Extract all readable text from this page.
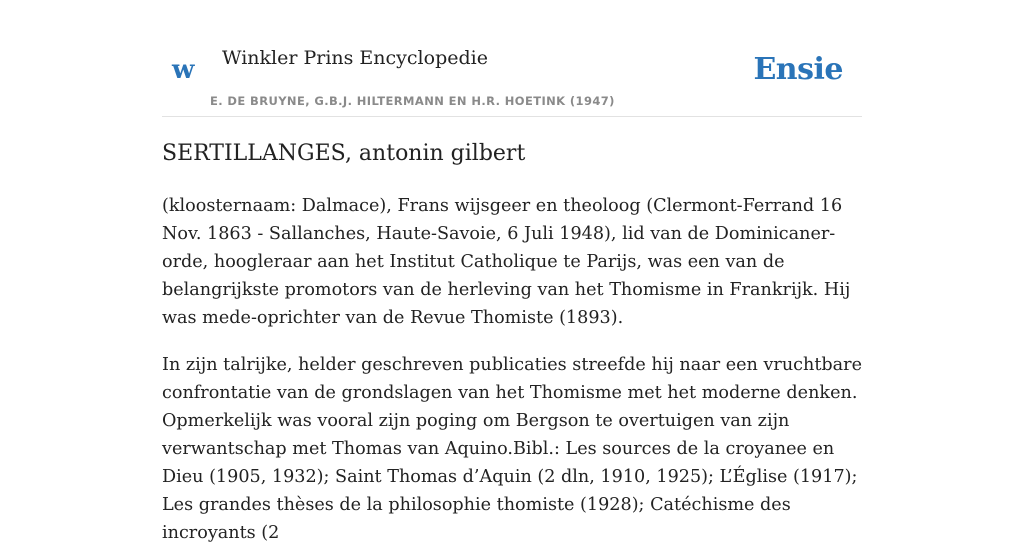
w Winkler Prins Encyclopedie
E. DE BRUYNE, G.B.J. HILTERMANN EN H.R. HOETINK (1947)
Ensie
SERTILLANGES, antonin gilbert

(kloosternaam: Dalmace), Frans wijsgeer en theoloog (Clermont-Ferrand 16 Nov. 1863 - Sallanches, Haute-Savoie, 6 Juli 1948), lid van de Dominicaner-orde, hoogleraar aan het Institut Catholique te Parijs, was een van de belangrijkste promotors van de herleving van het Thomisme in Frankrijk. Hij was mede-oprichter van de Revue Thomiste (1893).

In zijn talrijke, helder geschreven publicaties streefde hij naar een vruchtbare confrontatie van de grondslagen van het Thomisme met het moderne denken. Opmerkelijk was vooral zijn poging om Bergson te overtuigen van zijn verwantschap met Thomas van Aquino.Bibl.: Les sources de la croyanee en Dieu (1905, 1932); Saint Thomas d’Aquin (2 dln, 1910, 1925); L’Église (1917); Les grandes thèses de la philosophie thomiste (1928); Catéchisme des incroyants (2
